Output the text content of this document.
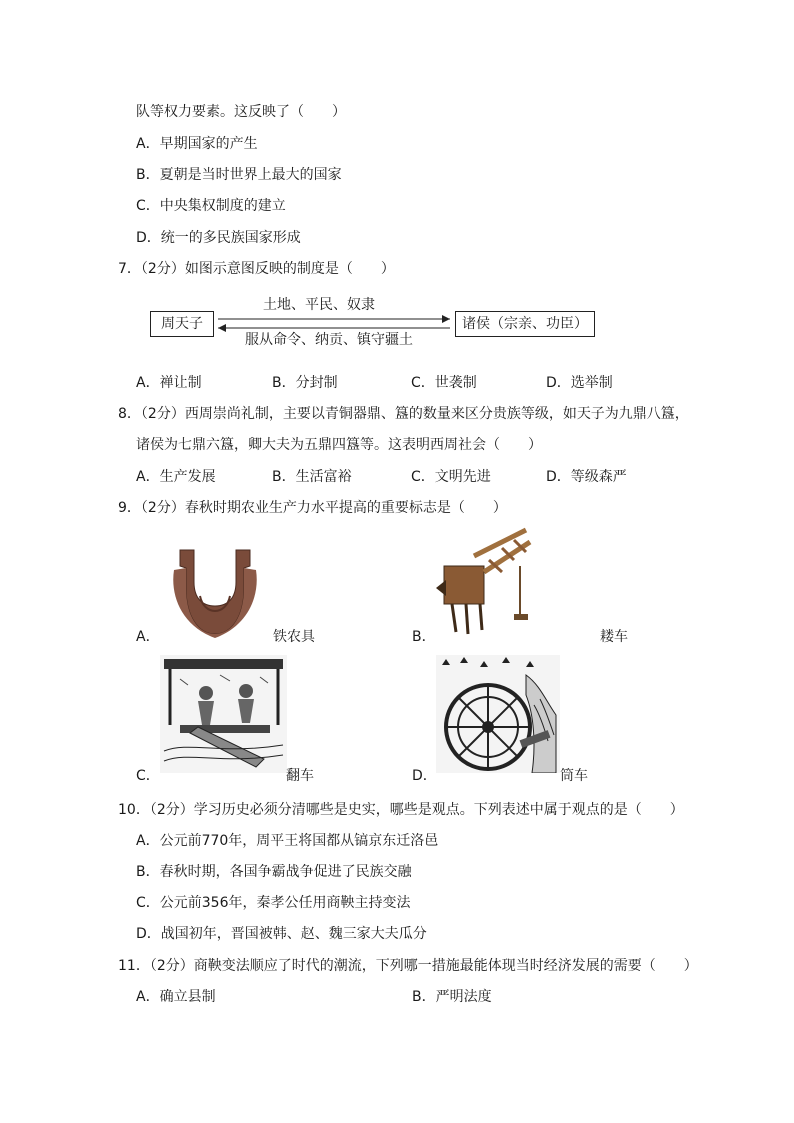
队等权力要素。这反映了（　　）
A．早期国家的产生
B．夏朝是当时世界上最大的国家
C．中央集权制度的建立
D．统一的多民族国家形成
7．（2分）如图示意图反映的制度是（　　）
周天子	诸侯（宗亲、功臣）
土地、平民、奴隶
服从命令、纳贡、镇守疆土
A．禅让制	B．分封制	C．世袭制	D．选举制
8．（2分）西周崇尚礼制，主要以青铜器鼎、簋的数量来区分贵族等级，如天子为九鼎八簋，
诸侯为七鼎六簋，卿大夫为五鼎四簋等。这表明西周社会（　　）
A．生产发展	B．生活富裕	C．文明先进	D．等级森严
9．（2分）春秋时期农业生产力水平提高的重要标志是（　　）
A．	铁农具	B．	耧车
C．	翻车	D．	筒车
10．（2分）学习历史必须分清哪些是史实，哪些是观点。下列表述中属于观点的是（　　）
A．公元前770年，周平王将国都从镐京东迁洛邑
B．春秋时期，各国争霸战争促进了民族交融
C．公元前356年，秦孝公任用商鞅主持变法
D．战国初年，晋国被韩、赵、魏三家大夫瓜分
11．（2分）商鞅变法顺应了时代的潮流，下列哪一措施最能体现当时经济发展的需要（　　）
A．确立县制	B．严明法度
